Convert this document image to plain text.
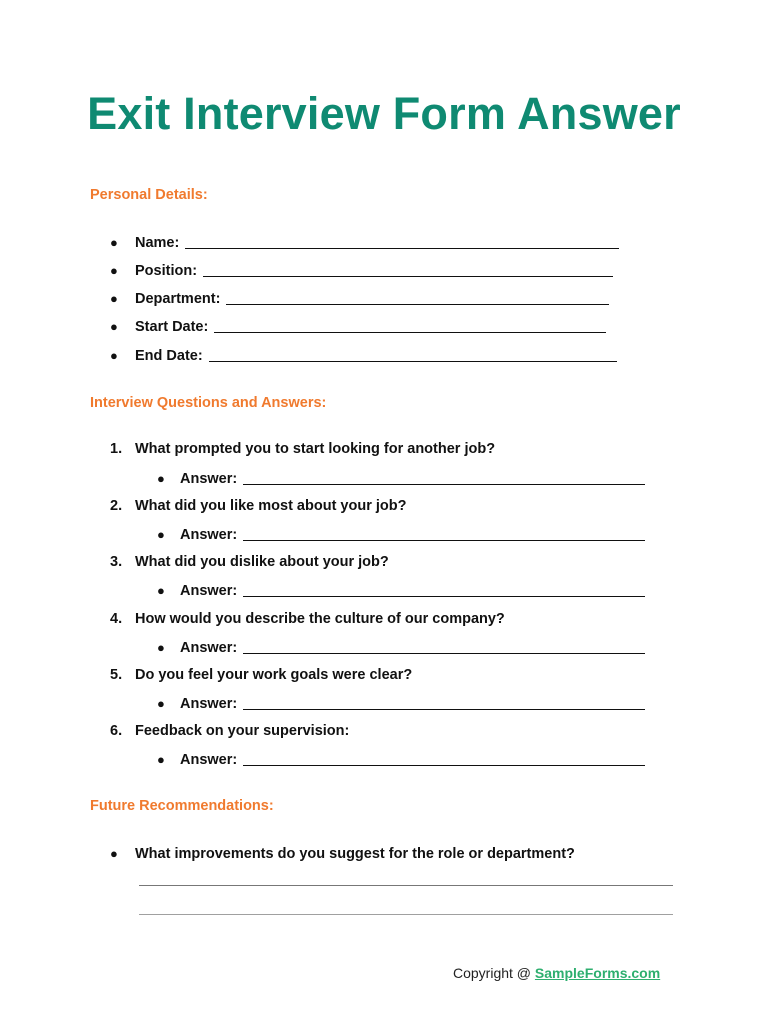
Exit Interview Form Answer
Personal Details:
●	Name:
●	Position:
●	Department:
●	Start Date:
●	End Date:
Interview Questions and Answers:
1. What prompted you to start looking for another job?
●	Answer:
2. What did you like most about your job?
●	Answer:
3. What did you dislike about your job?
●	Answer:
4. How would you describe the culture of our company?
●	Answer:
5. Do you feel your work goals were clear?
●	Answer:
6. Feedback on your supervision:
●	Answer:
Future Recommendations:
●	What improvements do you suggest for the role or department?
Copyright @ SampleForms.com
